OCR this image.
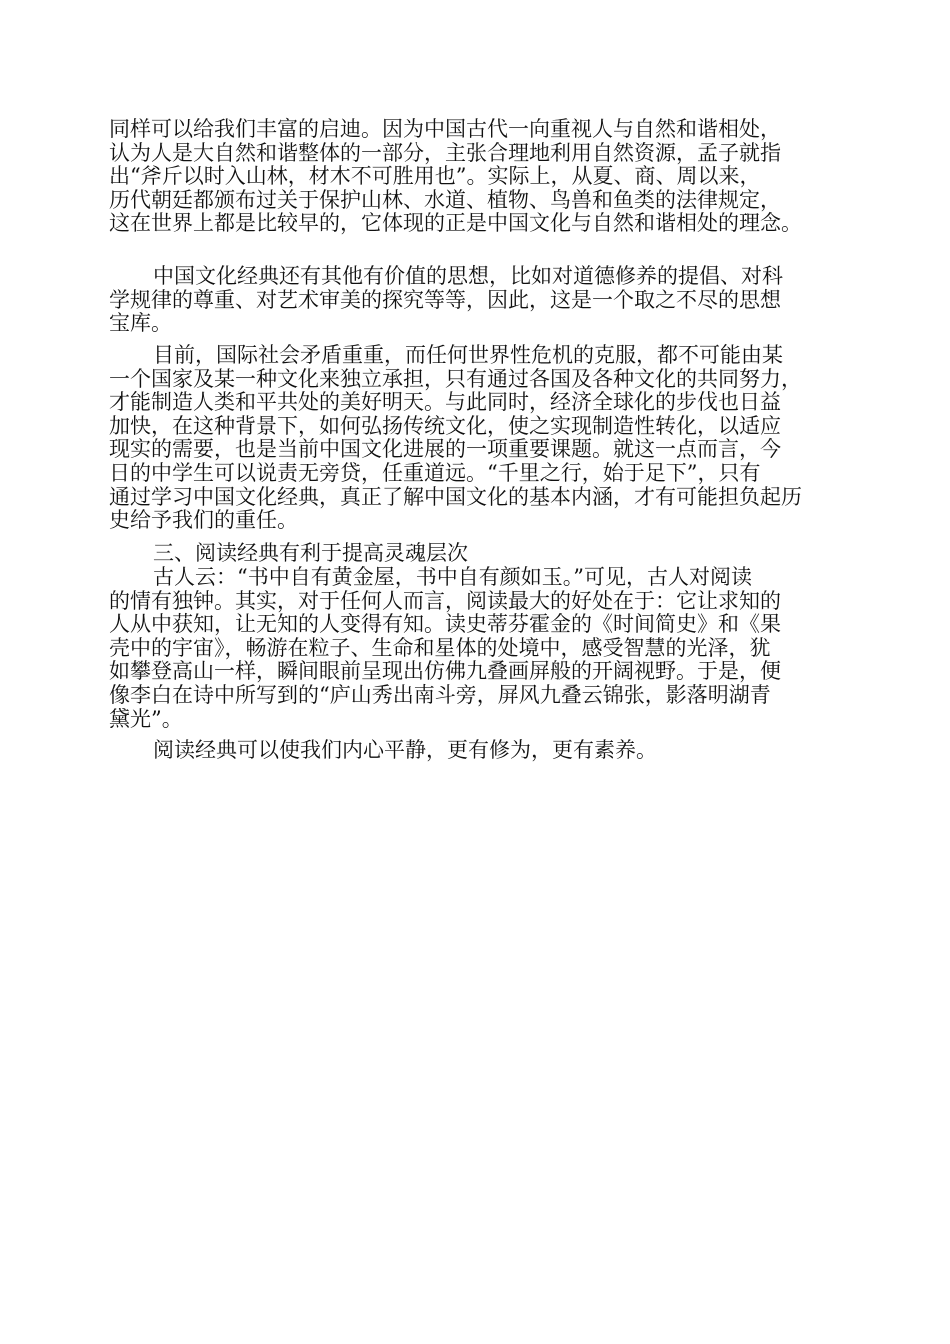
同样可以给我们丰富的启迪。因为中国古代一向重视人与自然和谐相处，
认为人是大自然和谐整体的一部分，主张合理地利用自然资源，孟子就指
出“斧斤以时入山林，材木不可胜用也”。实际上，从夏、商、周以来，
历代朝廷都颁布过关于保护山林、水道、植物、鸟兽和鱼类的法律规定，
这在世界上都是比较早的，它体现的正是中国文化与自然和谐相处的理念。
中国文化经典还有其他有价值的思想，比如对道德修养的提倡、对科
学规律的尊重、对艺术审美的探究等等，因此，这是一个取之不尽的思想
宝库。
目前，国际社会矛盾重重，而任何世界性危机的克服，都不可能由某
一个国家及某一种文化来独立承担，只有通过各国及各种文化的共同努力，
才能制造人类和平共处的美好明天。与此同时，经济全球化的步伐也日益
加快，在这种背景下，如何弘扬传统文化，使之实现制造性转化，以适应
现实的需要，也是当前中国文化进展的一项重要课题。就这一点而言，今
日的中学生可以说责无旁贷，任重道远。“千里之行，始于足下”，只有
通过学习中国文化经典，真正了解中国文化的基本内涵，才有可能担负起历
史给予我们的重任。
三、阅读经典有利于提高灵魂层次
古人云：“书中自有黄金屋，书中自有颜如玉。”可见，古人对阅读
的情有独钟。其实，对于任何人而言，阅读最大的好处在于：它让求知的
人从中获知，让无知的人变得有知。读史蒂芬霍金的《时间简史》和《果
壳中的宇宙》，畅游在粒子、生命和星体的处境中，感受智慧的光泽，犹
如攀登高山一样，瞬间眼前呈现出仿佛九叠画屏般的开阔视野。于是，便
像李白在诗中所写到的“庐山秀出南斗旁，屏风九叠云锦张，影落明湖青
黛光”。
阅读经典可以使我们内心平静，更有修为，更有素养。
